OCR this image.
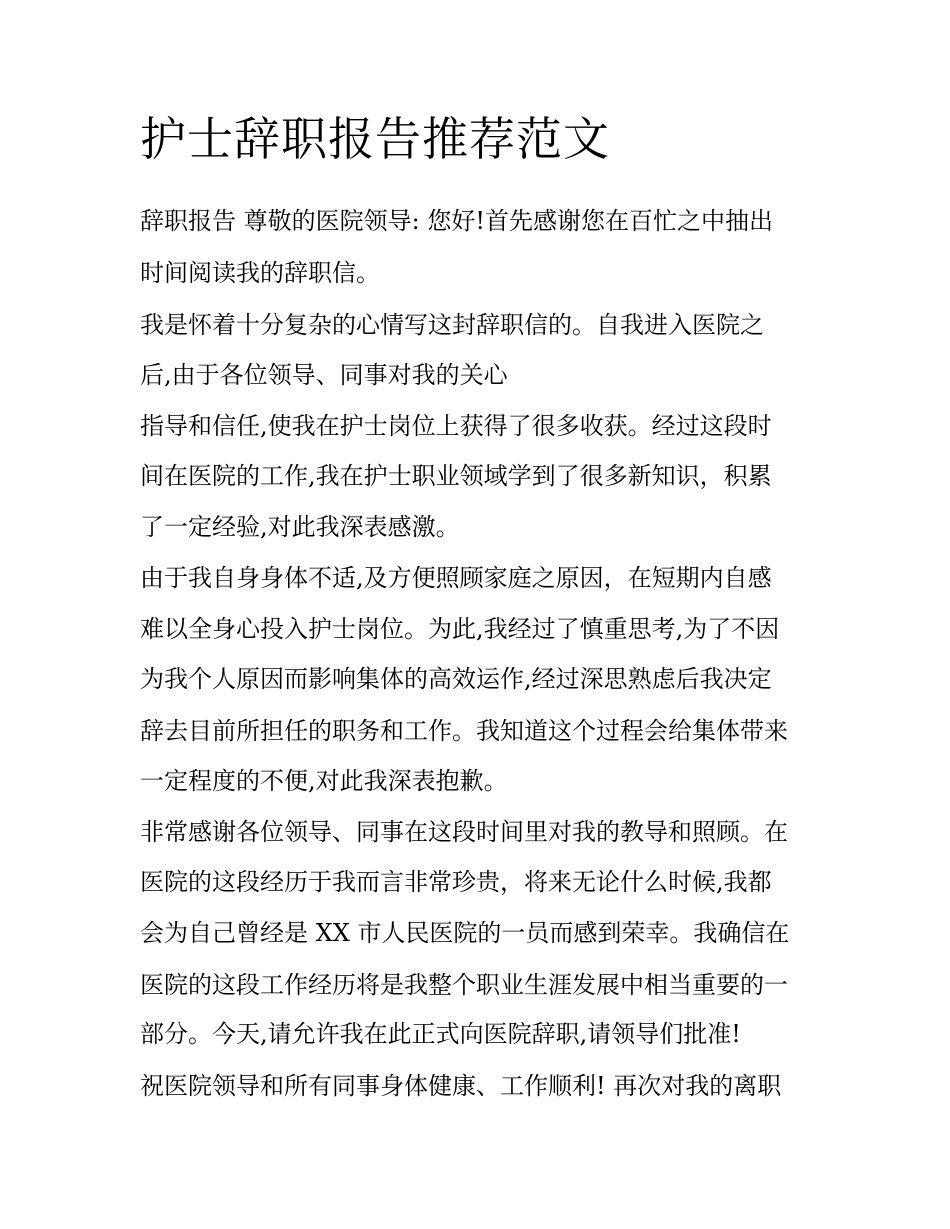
护士辞职报告推荐范文

辞职报告 尊敬的医院领导: 您好!首先感谢您在百忙之中抽出

时间阅读我的辞职信。

我是怀着十分复杂的心情写这封辞职信的。自我进入医院之

后,由于各位领导、同事对我的关心

指导和信任,使我在护士岗位上获得了很多收获。经过这段时

间在医院的工作,我在护士职业领域学到了很多新知识，积累

了一定经验,对此我深表感激。

由于我自身身体不适,及方便照顾家庭之原因，在短期内自感

难以全身心投入护士岗位。为此,我经过了慎重思考,为了不因

为我个人原因而影响集体的高效运作,经过深思熟虑后我决定

辞去目前所担任的职务和工作。我知道这个过程会给集体带来

一定程度的不便,对此我深表抱歉。

非常感谢各位领导、同事在这段时间里对我的教导和照顾。在

医院的这段经历于我而言非常珍贵，将来无论什么时候,我都

会为自己曾经是 XX 市人民医院的一员而感到荣幸。我确信在

医院的这段工作经历将是我整个职业生涯发展中相当重要的一

部分。今天,请允许我在此正式向医院辞职,请领导们批准!

祝医院领导和所有同事身体健康、工作顺利! 再次对我的离职
